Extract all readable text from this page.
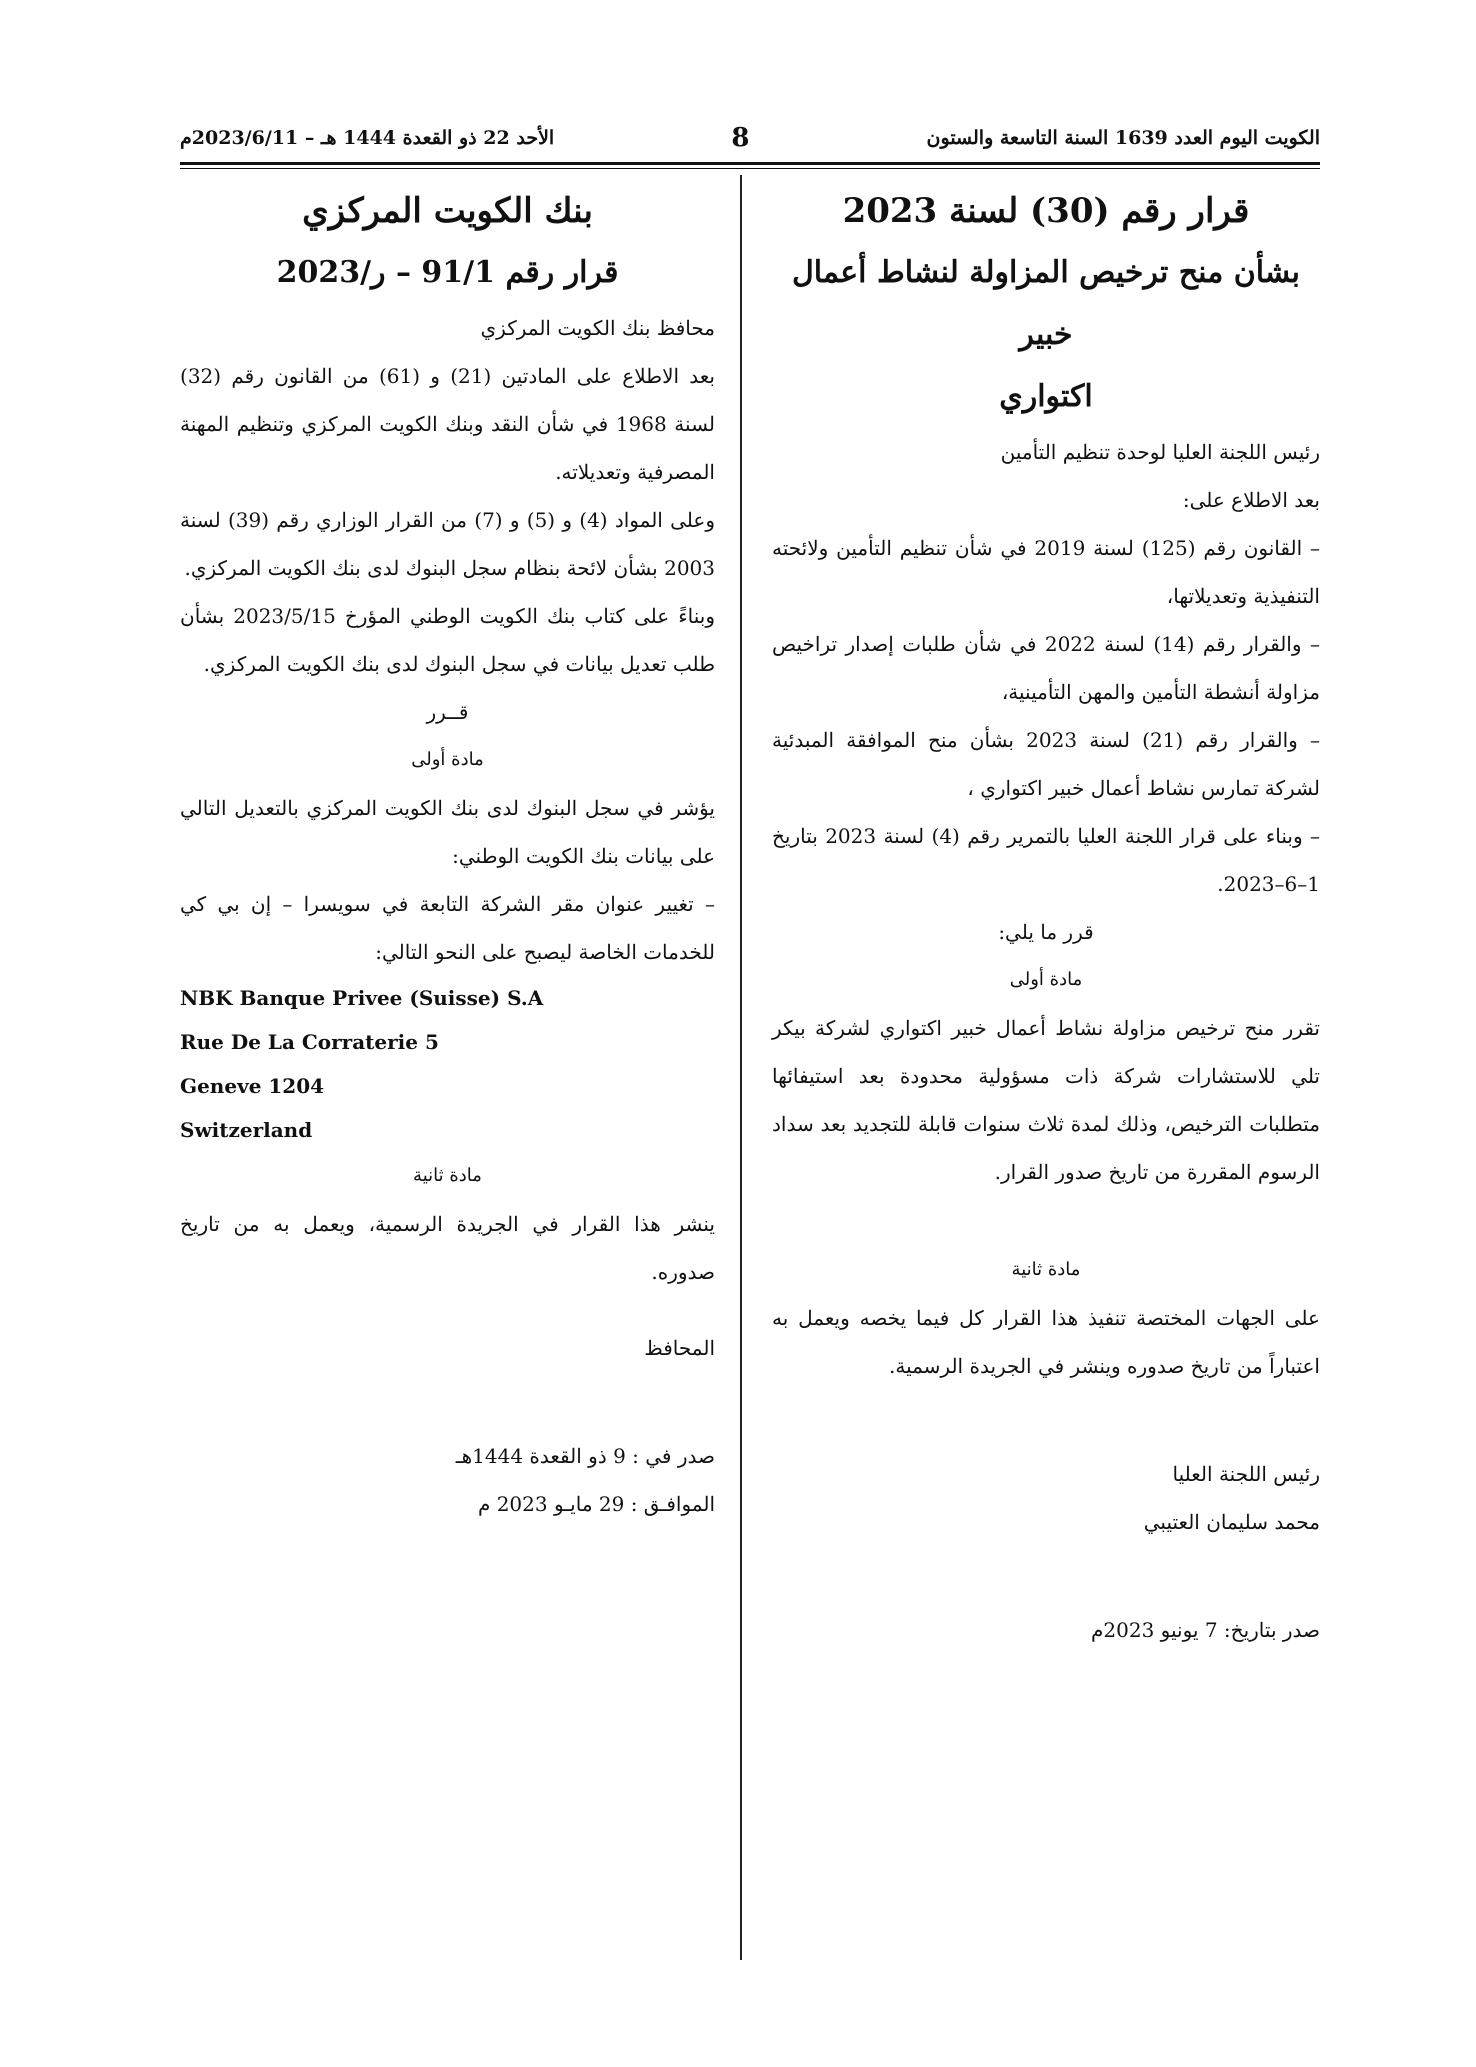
الكويت اليوم العدد 1639 السنة التاسعة والستون
8
الأحد 22 ذو القعدة 1444 هـ – 2023/6/11م
قرار رقم (30) لسنة 2023
بشأن منح ترخيص المزاولة لنشاط أعمال خبير
اكتواري

رئيس اللجنة العليا لوحدة تنظيم التأمين

بعد الاطلاع على:

– القانون رقم (125) لسنة 2019 في شأن تنظيم التأمين ولائحته التنفيذية وتعديلاتها،

– والقرار رقم (14) لسنة 2022 في شأن طلبات إصدار تراخيص مزاولة أنشطة التأمين والمهن التأمينية،

– والقرار رقم (21) لسنة 2023 بشأن منح الموافقة المبدئية لشركة تمارس نشاط أعمال خبير اكتواري ،

– وبناء على قرار اللجنة العليا بالتمرير رقم (4) لسنة 2023 بتاريخ 1–6–2023.

قرر ما يلي:

مادة أولى

تقرر منح ترخيص مزاولة نشاط أعمال خبير اكتواري لشركة بيكر تلي للاستشارات شركة ذات مسؤولية محدودة بعد استيفائها متطلبات الترخيص، وذلك لمدة ثلاث سنوات قابلة للتجديد بعد سداد الرسوم المقررة من تاريخ صدور القرار.

مادة ثانية

على الجهات المختصة تنفيذ هذا القرار كل فيما يخصه ويعمل به اعتباراً من تاريخ صدوره وينشر في الجريدة الرسمية.

رئيس اللجنة العليا

محمد سليمان العتيبي

صدر بتاريخ: 7 يونيو 2023م

بنك الكويت المركزي
قرار رقم 91/1 – ر/2023

محافظ بنك الكويت المركزي

بعد الاطلاع على المادتين (21) و (61) من القانون رقم (32) لسنة 1968 في شأن النقد وبنك الكويت المركزي وتنظيم المهنة المصرفية وتعديلاته.

وعلى المواد (4) و (5) و (7) من القرار الوزاري رقم (39) لسنة 2003 بشأن لائحة بنظام سجل البنوك لدى بنك الكويت المركزي.

وبناءً على كتاب بنك الكويت الوطني المؤرخ 2023/5/15 بشأن طلب تعديل بيانات في سجل البنوك لدى بنك الكويت المركزي.

قــرر

مادة أولى

يؤشر في سجل البنوك لدى بنك الكويت المركزي بالتعديل التالي على بيانات بنك الكويت الوطني:

– تغيير عنوان مقر الشركة التابعة في سويسرا – إن بي كي للخدمات الخاصة ليصبح على النحو التالي:

NBK Banque Privee (Suisse) S.A
Rue De La Corraterie 5
Geneve 1204
Switzerland

مادة ثانية

ينشر هذا القرار في الجريدة الرسمية، ويعمل به من تاريخ صدوره.

المحافظ

صدر في : 9 ذو القعدة 1444هـ

الموافـق : 29 مايـو 2023 م
